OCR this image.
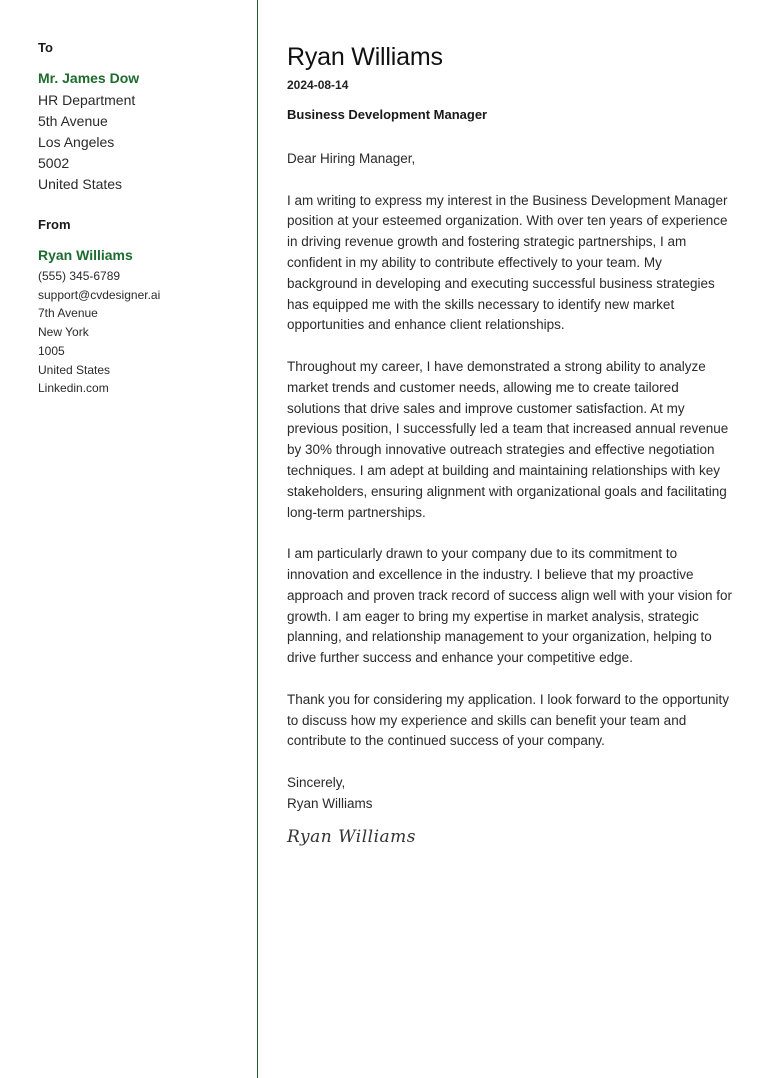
To
Mr. James Dow
HR Department
5th Avenue
Los Angeles
5002
United States
From
Ryan Williams
(555) 345-6789
support@cvdesigner.ai
7th Avenue
New York
1005
United States
Linkedin.com
Ryan Williams
2024-08-14
Business Development Manager
Dear Hiring Manager,

I am writing to express my interest in the Business Development Manager position at your esteemed organization. With over ten years of experience in driving revenue growth and fostering strategic partnerships, I am confident in my ability to contribute effectively to your team. My background in developing and executing successful business strategies has equipped me with the skills necessary to identify new market opportunities and enhance client relationships.

Throughout my career, I have demonstrated a strong ability to analyze market trends and customer needs, allowing me to create tailored solutions that drive sales and improve customer satisfaction. At my previous position, I successfully led a team that increased annual revenue by 30% through innovative outreach strategies and effective negotiation techniques. I am adept at building and maintaining relationships with key stakeholders, ensuring alignment with organizational goals and facilitating long-term partnerships.

I am particularly drawn to your company due to its commitment to innovation and excellence in the industry. I believe that my proactive approach and proven track record of success align well with your vision for growth. I am eager to bring my expertise in market analysis, strategic planning, and relationship management to your organization, helping to drive further success and enhance your competitive edge.

Thank you for considering my application. I look forward to the opportunity to discuss how my experience and skills can benefit your team and contribute to the continued success of your company.

Sincerely,
Ryan Williams
Ryan Williams
